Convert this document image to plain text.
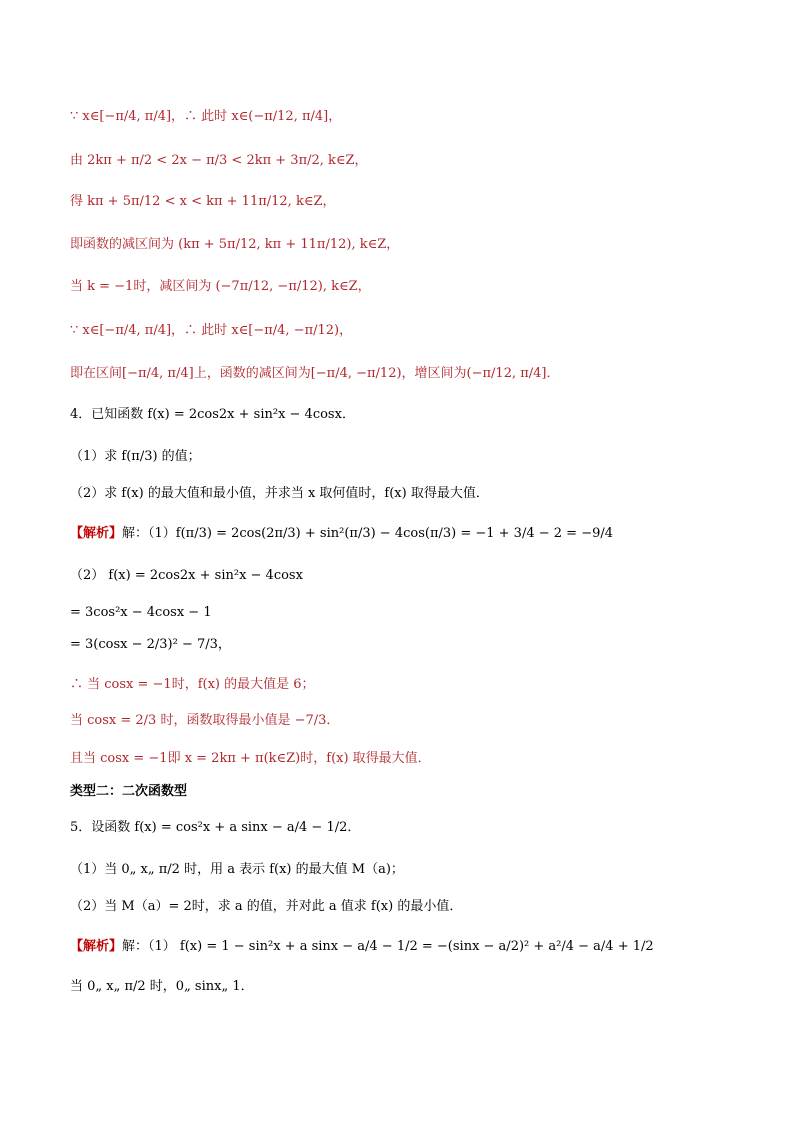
∵ x∈[−π/4, π/4]，∴ 此时 x∈(−π/12, π/4]，
由 2kπ + π/2 < 2x − π/3 < 2kπ + 3π/2, k∈Z，
得 kπ + 5π/12 < x < kπ + 11π/12, k∈Z，
即函数的减区间为 (kπ + 5π/12, kπ + 11π/12), k∈Z，
当 k = −1时，减区间为 (−7π/12, −π/12), k∈Z，
∵ x∈[−π/4, π/4]，∴ 此时 x∈[−π/4, −π/12)，
即在区间[−π/4, π/4]上，函数的减区间为[−π/4, −π/12)，增区间为(−π/12, π/4]．
4．已知函数 f(x) = 2cos2x + sin²x − 4cosx．
（1）求 f(π/3) 的值；
（2）求 f(x) 的最大值和最小值，并求当 x 取何值时，f(x) 取得最大值．
【解析】解：（1）f(π/3) = 2cos(2π/3) + sin²(π/3) − 4cos(π/3) = −1 + 3/4 − 2 = −9/4
（2） f(x) = 2cos2x + sin²x − 4cosx
= 3cos²x − 4cosx − 1
= 3(cosx − 2/3)² − 7/3，
∴ 当 cosx = −1时，f(x) 的最大值是 6；
当 cosx = 2/3 时，函数取得最小值是 −7/3．
且当 cosx = −1即 x = 2kπ + π(k∈Z)时，f(x) 取得最大值．
类型二：二次函数型
5．设函数 f(x) = cos²x + a sinx − a/4 − 1/2．
（1）当 0„ x„ π/2 时，用 a 表示 f(x) 的最大值 M（a)；
（2）当 M（a）= 2时，求 a 的值，并对此 a 值求 f(x) 的最小值．
【解析】解：（1） f(x) = 1 − sin²x + a sinx − a/4 − 1/2 = −(sinx − a/2)² + a²/4 − a/4 + 1/2
当 0„ x„ π/2 时，0„ sinx„ 1．
